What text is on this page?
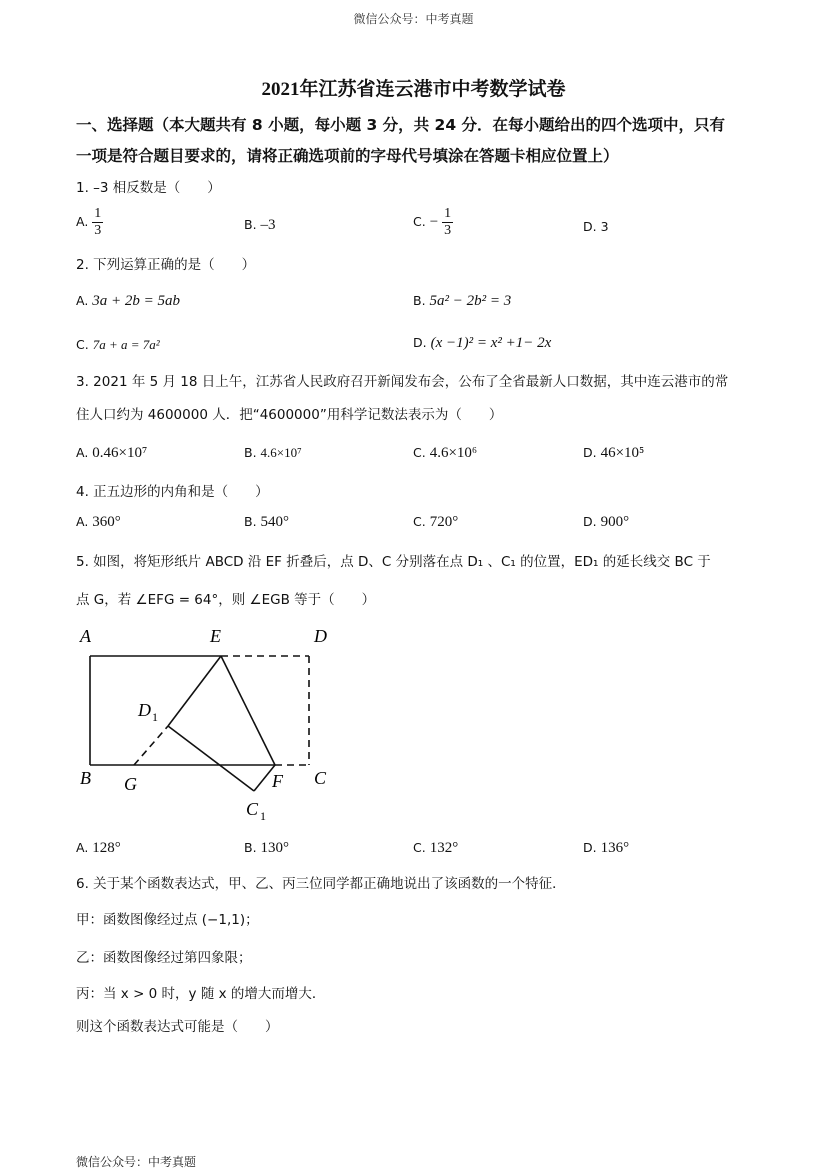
微信公众号：中考真题
2021年江苏省连云港市中考数学试卷
一、选择题（本大题共有 8 小题，每小题 3 分，共 24 分．在每小题给出的四个选项中，只有
一项是符合题目要求的，请将正确选项前的字母代号填涂在答题卡相应位置上）
1. –3 相反数是（　　）
A. $\frac{1}{3}$	B. –3	C. − $\frac{1}{3}$	D. 3
2. 下列运算正确的是（　　）
A. 3a + 2b = 5ab	B. 5a² − 2b² = 3
C. 7a + a = 7a²	D. (x −1)² = x² +1− 2x
3. 2021 年 5 月 18 日上午，江苏省人民政府召开新闻发布会，公布了全省最新人口数据，其中连云港市的常
住人口约为 4600000 人．把“4600000”用科学记数法表示为（　　）
A. 0.46×10⁷	B. 4.6×10⁷	C. 4.6×10⁶	D. 46×10⁵
4. 正五边形的内角和是（　　）
A. 360°	B. 540°	C. 720°	D. 900°
5. 如图，将矩形纸片 ABCD 沿 EF 折叠后，点 D、C 分别落在点 D₁ 、C₁ 的位置，ED₁ 的延长线交 BC 于
点 G，若 ∠EFG = 64°，则 ∠EGB 等于（　　）
A	E	D
D 1
B G	F C
C 1
A. 128°	B. 130°	C. 132°	D. 136°
6. 关于某个函数表达式，甲、乙、丙三位同学都正确地说出了该函数的一个特征．
甲：函数图像经过点 (−1,1)；
乙：函数图像经过第四象限；
丙：当 x > 0 时，y 随 x 的增大而增大．
则这个函数表达式可能是（　　）
微信公众号：中考真题
